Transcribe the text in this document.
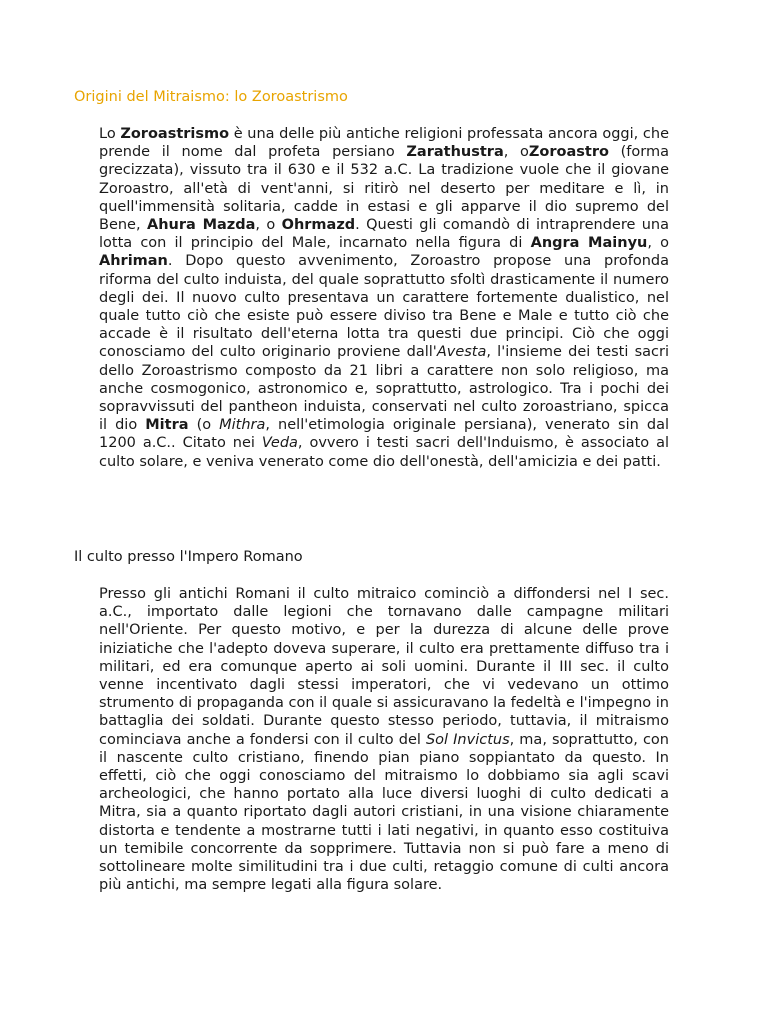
Origini del Mitraismo: lo Zoroastrismo

Lo Zoroastrismo è una delle più antiche religioni professata ancora oggi, che prende il nome dal profeta persiano Zarathustra, oZoroastro (forma grecizzata), vissuto tra il 630 e il 532 a.C. La tradizione vuole che il giovane Zoroastro, all'età di vent'anni, si ritirò nel deserto per meditare e lì, in quell'immensità solitaria, cadde in estasi e gli apparve il dio supremo del Bene, Ahura Mazda, o Ohrmazd. Questi gli comandò di intraprendere una lotta con il principio del Male, incarnato nella figura di Angra Mainyu, o Ahriman. Dopo questo avvenimento, Zoroastro propose una profonda riforma del culto induista, del quale soprattutto sfoltì drasticamente il numero degli dei. Il nuovo culto presentava un carattere fortemente dualistico, nel quale tutto ciò che esiste può essere diviso tra Bene e Male e tutto ciò che accade è il risultato dell'eterna lotta tra questi due principi. Ciò che oggi conosciamo del culto originario proviene dall'Avesta, l'insieme dei testi sacri dello Zoroastrismo composto da 21 libri a carattere non solo religioso, ma anche cosmogonico, astronomico e, soprattutto, astrologico. Tra i pochi dei sopravvissuti del pantheon induista, conservati nel culto zoroastriano, spicca il dio Mitra (o Mithra, nell'etimologia originale persiana), venerato sin dal 1200 a.C.. Citato nei Veda, ovvero i testi sacri dell'Induismo, è associato al culto solare, e veniva venerato come dio dell'onestà, dell'amicizia e dei patti.

Il culto presso l'Impero Romano

Presso gli antichi Romani il culto mitraico cominciò a diffondersi nel I sec. a.C., importato dalle legioni che tornavano dalle campagne militari nell'Oriente. Per questo motivo, e per la durezza di alcune delle prove iniziatiche che l'adepto doveva superare, il culto era prettamente diffuso tra i militari, ed era comunque aperto ai soli uomini. Durante il III sec. il culto venne incentivato dagli stessi imperatori, che vi vedevano un ottimo strumento di propaganda con il quale si assicuravano la fedeltà e l'impegno in battaglia dei soldati. Durante questo stesso periodo, tuttavia, il mitraismo cominciava anche a fondersi con il culto del Sol Invictus, ma, soprattutto, con il nascente culto cristiano, finendo pian piano soppiantato da questo. In effetti, ciò che oggi conosciamo del mitraismo lo dobbiamo sia agli scavi archeologici, che hanno portato alla luce diversi luoghi di culto dedicati a Mitra, sia a quanto riportato dagli autori cristiani, in una visione chiaramente distorta e tendente a mostrarne tutti i lati negativi, in quanto esso costituiva un temibile concorrente da sopprimere. Tuttavia non si può fare a meno di sottolineare molte similitudini tra i due culti, retaggio comune di culti ancora più antichi, ma sempre legati alla figura solare.
